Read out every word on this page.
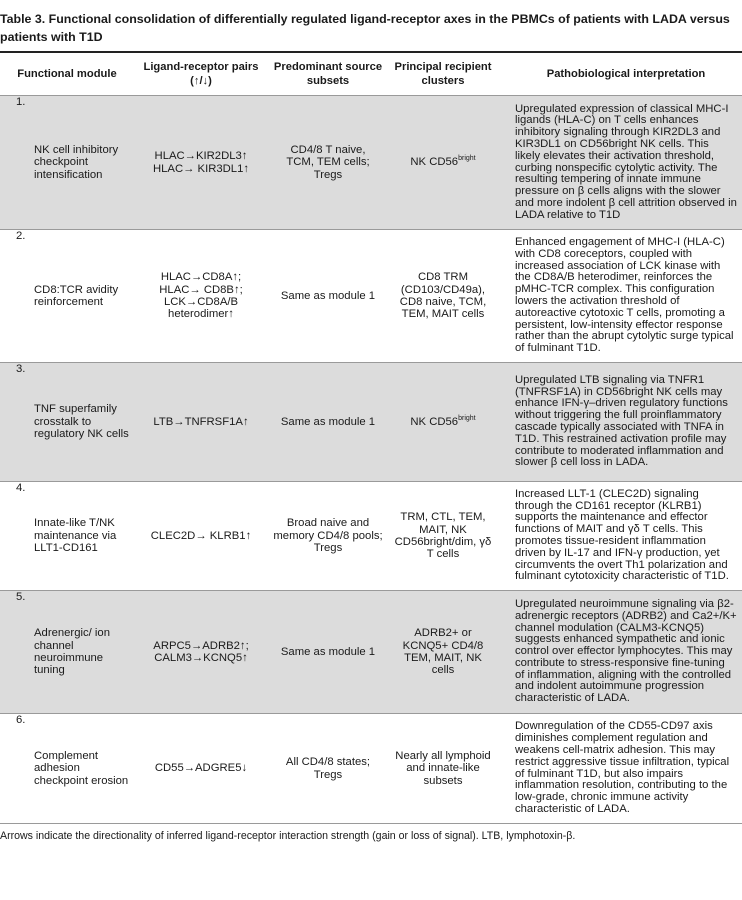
Table 3. Functional consolidation of differentially regulated ligand-receptor axes in the PBMCs of patients with LADA versus patients with T1D
Functional module
Ligand-receptor pairs
(↑/↓)
Predominant source
subsets
Principal recipient
clusters
Pathobiological interpretation
1.
NK cell inhibitory checkpoint intensification
HLAC→KIR2DL3↑
HLAC→ KIR3DL1↑
CD4/8 T naive,
TCM, TEM cells;
Tregs
NK $CD56^{bright}$
Upregulated expression of classical MHC-I ligands (HLA-C) on T cells enhances inhibitory signaling through KIR2DL3 and KIR3DL1 on CD56bright NK cells. This likely elevates their activation threshold, curbing nonspecific cytolytic activity. The resulting tempering of innate immune pressure on β cells aligns with the slower and more indolent β cell attrition observed in LADA relative to T1D
2.
CD8:TCR avidity reinforcement
HLAC→CD8A↑;
HLAC→ CD8B↑;
LCK→CD8A/B
heterodimer↑
Same as module 1
CD8 TRM (CD103/CD49a), CD8 naive, TCM, TEM, MAIT cells
Enhanced engagement of MHC-I (HLA-C) with CD8 coreceptors, coupled with increased association of LCK kinase with the CD8A/B heterodimer, reinforces the pMHC-TCR complex. This configuration lowers the activation threshold of autoreactive cytotoxic T cells, promoting a persistent, low-intensity effector response rather than the abrupt cytolytic surge typical of fulminant T1D.
3.
TNF superfamily crosstalk to regulatory NK cells
LTB→TNFRSF1A↑	Same as module 1	NK $CD56^{bright}$
Upregulated LTB signaling via TNFR1 (TNFRSF1A) in CD56bright NK cells may enhance IFN-γ–driven regulatory functions without triggering the full proinflammatory cascade typically associated with TNFA in T1D. This restrained activation profile may contribute to moderated inflammation and slower β cell loss in LADA.
4.
Innate-like T/NK maintenance via LLT1-CD161
CLEC2D→ KLRB1↑
Broad naive and
memory CD4/8 pools;
Tregs
TRM, CTL, TEM, MAIT, NK CD56bright/dim, γδ T cells
Increased LLT-1 (CLEC2D) signaling through the CD161 receptor (KLRB1) supports the maintenance and effector functions of MAIT and γδ T cells. This promotes tissue-resident inflammation driven by IL-17 and IFN-γ production, yet circumvents the overt Th1 polarization and fulminant cytotoxicity characteristic of T1D.
5.
Adrenergic/ ion channel neuroimmune tuning
ARPC5→ADRB2↑;
CALM3→KCNQ5↑
Same as module 1
ADRB2+ or KCNQ5+ CD4/8 TEM, MAIT, NK cells
Upregulated neuroimmune signaling via β2-adrenergic receptors (ADRB2) and Ca2+/K+ channel modulation (CALM3-KCNQ5) suggests enhanced sympathetic and ionic control over effector lymphocytes. This may contribute to stress-responsive fine-tuning of inflammation, aligning with the controlled and indolent autoimmune progression characteristic of LADA.
6.
Complement adhesion checkpoint erosion
CD55→ADGRE5↓
All CD4/8 states;
Tregs
Nearly all lymphoid and innate-like subsets
Downregulation of the CD55-CD97 axis diminishes complement regulation and weakens cell-matrix adhesion. This may restrict aggressive tissue infiltration, typical of fulminant T1D, but also impairs inflammation resolution, contributing to the low-grade, chronic immune activity characteristic of LADA.
Arrows indicate the directionality of inferred ligand-receptor interaction strength (gain or loss of signal). LTB, lymphotoxin-β.
